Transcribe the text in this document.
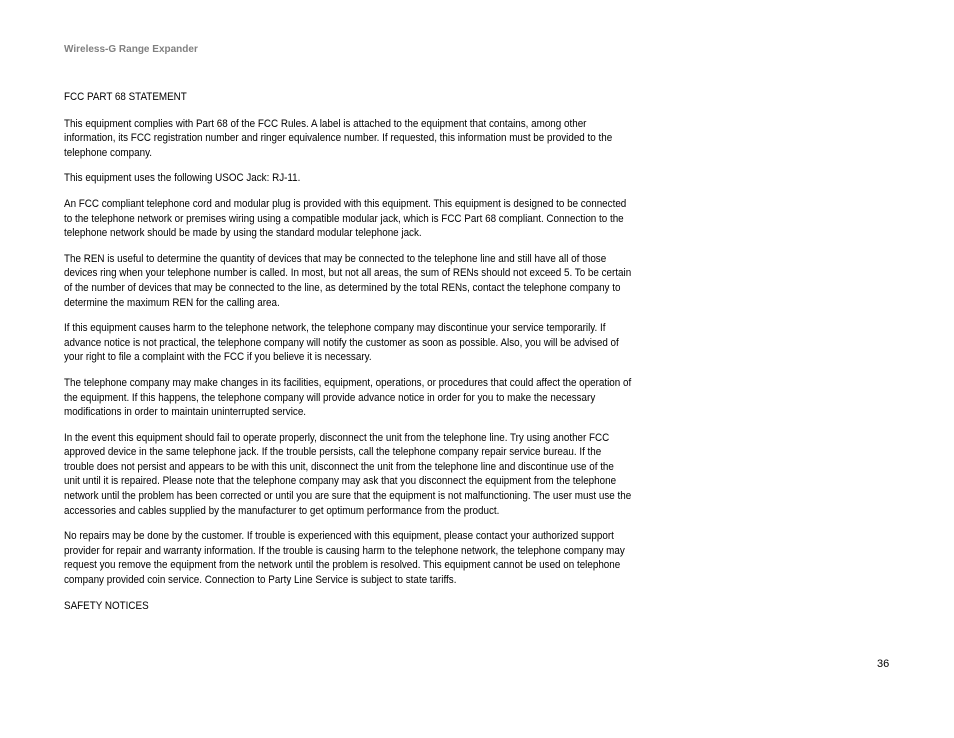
Wireless-G Range Expander

FCC PART 68 STATEMENT

This equipment complies with Part 68 of the FCC Rules. A label is attached to the equipment that contains, among other information, its FCC registration number and ringer equivalence number. If requested, this information must be provided to the telephone company.

This equipment uses the following USOC Jack: RJ-11.

An FCC compliant telephone cord and modular plug is provided with this equipment. This equipment is designed to be connected to the telephone network or premises wiring using a compatible modular jack, which is FCC Part 68 compliant. Connection to the telephone network should be made by using the standard modular telephone jack.

The REN is useful to determine the quantity of devices that may be connected to the telephone line and still have all of those devices ring when your telephone number is called. In most, but not all areas, the sum of RENs should not exceed 5. To be certain of the number of devices that may be connected to the line, as determined by the total RENs, contact the telephone company to determine the maximum REN for the calling area.

If this equipment causes harm to the telephone network, the telephone company may discontinue your service temporarily. If advance notice is not practical, the telephone company will notify the customer as soon as possible. Also, you will be advised of your right to file a complaint with the FCC if you believe it is necessary.

The telephone company may make changes in its facilities, equipment, operations, or procedures that could affect the operation of the equipment. If this happens, the telephone company will provide advance notice in order for you to make the necessary modifications in order to maintain uninterrupted service.

In the event this equipment should fail to operate properly, disconnect the unit from the telephone line. Try using another FCC approved device in the same telephone jack. If the trouble persists, call the telephone company repair service bureau. If the trouble does not persist and appears to be with this unit, disconnect the unit from the telephone line and discontinue use of the unit until it is repaired. Please note that the telephone company may ask that you disconnect the equipment from the telephone network until the problem has been corrected or until you are sure that the equipment is not malfunctioning. The user must use the accessories and cables supplied by the manufacturer to get optimum performance from the product.

No repairs may be done by the customer. If trouble is experienced with this equipment, please contact your authorized support provider for repair and warranty information. If the trouble is causing harm to the telephone network, the telephone company may request you remove the equipment from the network until the problem is resolved. This equipment cannot be used on telephone company provided coin service. Connection to Party Line Service is subject to state tariffs.

SAFETY NOTICES

36
